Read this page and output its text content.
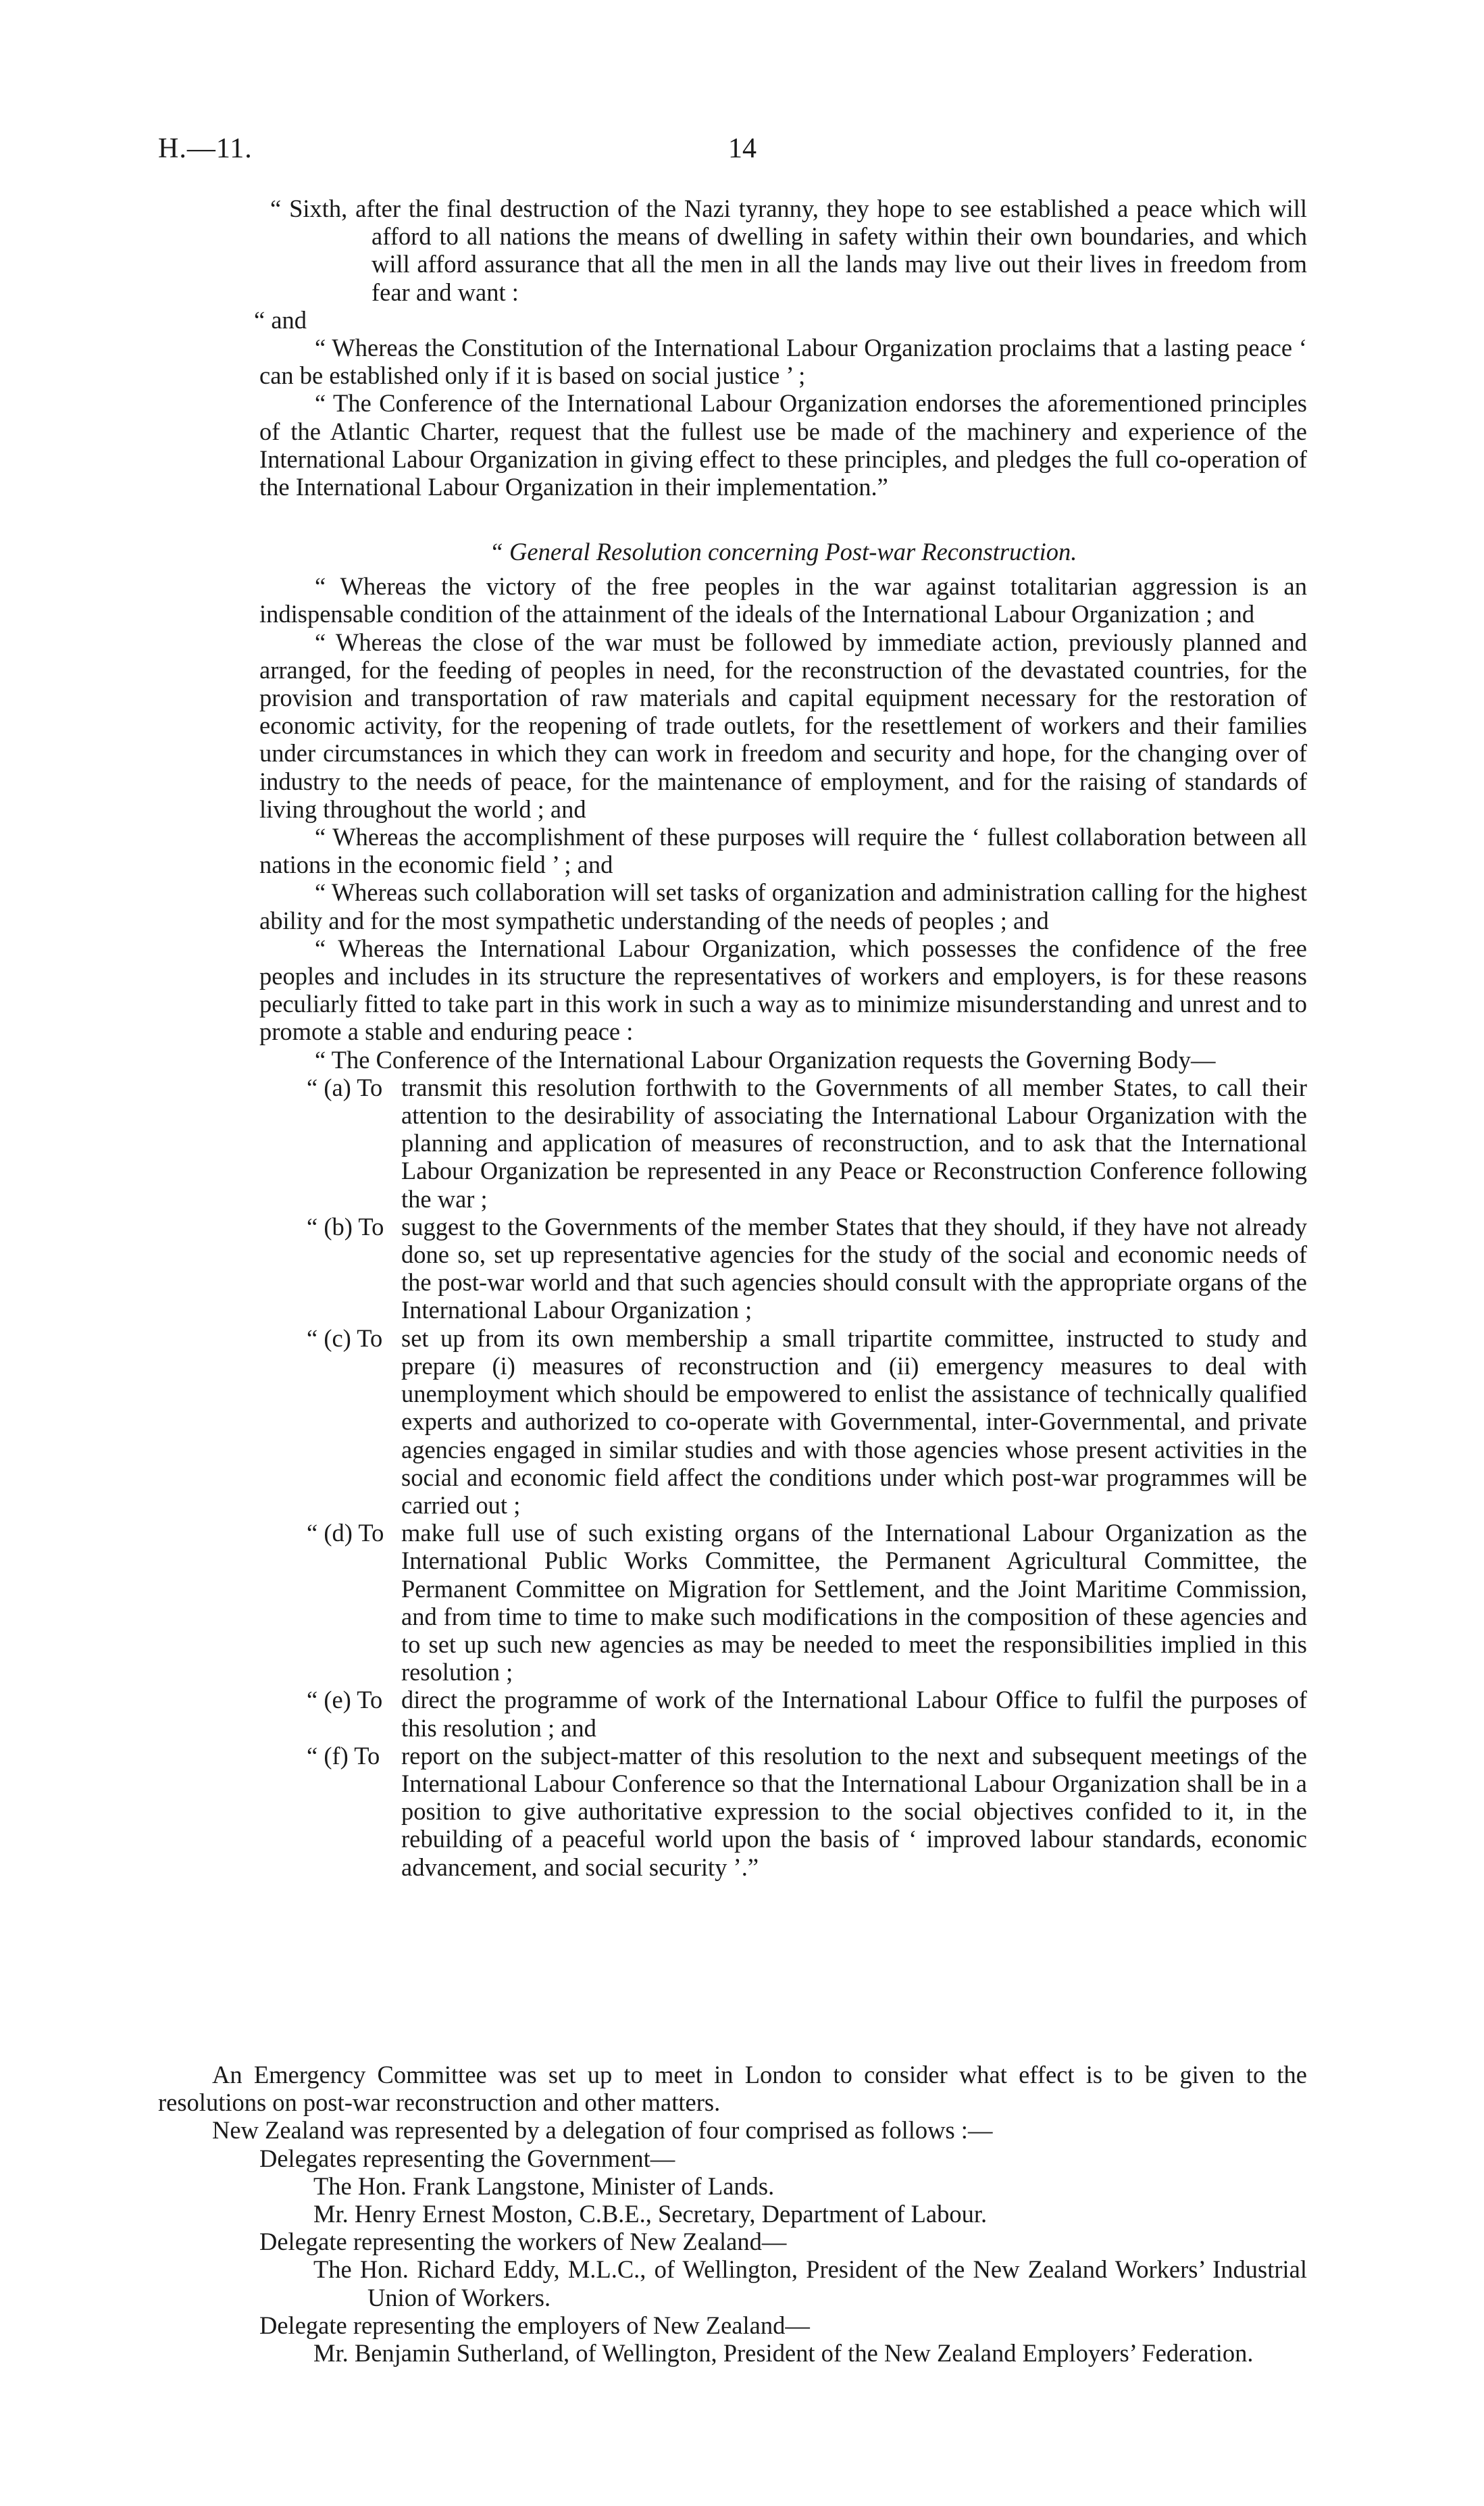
H.—11.	14

“ Sixth, after the final destruction of the Nazi tyranny, they hope to see established a peace which will afford to all nations the means of dwelling in safety within their own boundaries, and which will afford assurance that all the men in all the lands may live out their lives in freedom from fear and want :

“ and

“ Whereas the Constitution of the International Labour Organization proclaims that a lasting peace ‘ can be established only if it is based on social justice ’ ;

“ The Conference of the International Labour Organization endorses the aforementioned principles of the Atlantic Charter, request that the fullest use be made of the machinery and experience of the International Labour Organization in giving effect to these principles, and pledges the full co-operation of the International Labour Organization in their implementation.”

“ General Resolution concerning Post-war Reconstruction.

“ Whereas the victory of the free peoples in the war against totalitarian aggression is an indispensable condition of the attainment of the ideals of the International Labour Organization ; and

“ Whereas the close of the war must be followed by immediate action, previously planned and arranged, for the feeding of peoples in need, for the reconstruction of the devastated countries, for the provision and transportation of raw materials and capital equipment necessary for the restoration of economic activity, for the reopening of trade outlets, for the resettlement of workers and their families under circumstances in which they can work in freedom and security and hope, for the changing over of industry to the needs of peace, for the maintenance of employment, and for the raising of standards of living throughout the world ; and

“ Whereas the accomplishment of these purposes will require the ‘ fullest collaboration between all nations in the economic field ’ ; and

“ Whereas such collaboration will set tasks of organization and administration calling for the highest ability and for the most sympathetic understanding of the needs of peoples ; and

“ Whereas the International Labour Organization, which possesses the confidence of the free peoples and includes in its structure the representatives of workers and employers, is for these reasons peculiarly fitted to take part in this work in such a way as to minimize misunderstanding and unrest and to promote a stable and enduring peace :

“ The Conference of the International Labour Organization requests the Governing Body—

“ (a) To transmit this resolution forthwith to the Governments of all member States, to call their attention to the desirability of associating the International Labour Organization with the planning and application of measures of reconstruction, and to ask that the International Labour Organization be represented in any Peace or Reconstruction Conference following the war ;
“ (b) To suggest to the Governments of the member States that they should, if they have not already done so, set up representative agencies for the study of the social and economic needs of the post-war world and that such agencies should consult with the appropriate organs of the International Labour Organization ;
“ (c) To set up from its own membership a small tripartite committee, instructed to study and prepare (i) measures of reconstruction and (ii) emergency measures to deal with unemployment which should be empowered to enlist the assistance of technically qualified experts and authorized to co-operate with Governmental, inter-Governmental, and private agencies engaged in similar studies and with those agencies whose present activities in the social and economic field affect the conditions under which post-war programmes will be carried out ;
“ (d) To make full use of such existing organs of the International Labour Organization as the International Public Works Committee, the Permanent Agricultural Committee, the Permanent Committee on Migration for Settlement, and the Joint Maritime Commission, and from time to time to make such modifications in the composition of these agencies and to set up such new agencies as may be needed to meet the responsibilities implied in this resolution ;
“ (e) To direct the programme of work of the International Labour Office to fulfil the purposes of this resolution ; and
“ (f) To report on the subject-matter of this resolution to the next and subsequent meetings of the International Labour Conference so that the International Labour Organization shall be in a position to give authoritative expression to the social objectives confided to it, in the rebuilding of a peaceful world upon the basis of ‘ improved labour standards, economic advancement, and social security ’.”

An Emergency Committee was set up to meet in London to consider what effect is to be given to the resolutions on post-war reconstruction and other matters.

New Zealand was represented by a delegation of four comprised as follows :—

Delegates representing the Government—

The Hon. Frank Langstone, Minister of Lands.

Mr. Henry Ernest Moston, C.B.E., Secretary, Department of Labour.

Delegate representing the workers of New Zealand—

The Hon. Richard Eddy, M.L.C., of Wellington, President of the New Zealand Workers’ Industrial Union of Workers.

Delegate representing the employers of New Zealand—

Mr. Benjamin Sutherland, of Wellington, President of the New Zealand Employers’ Federation.
